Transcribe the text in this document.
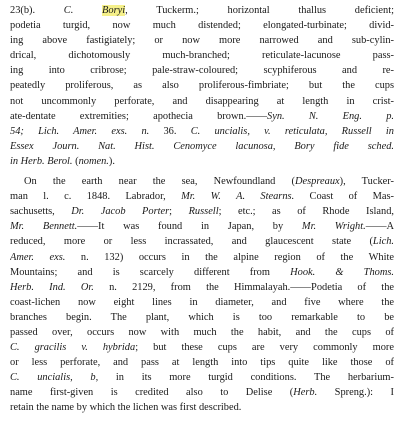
23(b). C. Boryi, Tuckerm.; horizontal thallus deficient;
podetia turgid, now much distended; elongated-turbinate; divid-
ing above fastigiately; or now more narrowed and sub-cylin-
drical, dichotomously much-branched; reticulate-lacunose pass-
ing into cribrose; pale-straw-coloured; scyphiferous and re-
peatedly proliferous, as also proliferous-fimbriate; but the cups
not uncommonly perforate, and disappearing at length in crist-
ate-dentate extremities; apothecia brown.——Syn. N. Eng. p.
54; Lich. Amer. exs. n. 36. C. uncialis, v. reticulata, Russell in
Essex Journ. Nat. Hist. Cenomyce lacunosa, Bory fide sched.
in Herb. Berol. (nomen.).

On the earth near the sea, Newfoundland (Despreaux), Tucker-
man l. c. 1848. Labrador, Mr. W. A. Stearns. Coast of Mas-
sachusetts, Dr. Jacob Porter; Russell; etc.; as of Rhode Island,
Mr. Bennett.——It was found in Japan, by Mr. Wright.——A
reduced, more or less incrassated, and glaucescent state (Lich.
Amer. exs. n. 132) occurs in the alpine region of the White
Mountains; and is scarcely different from Hook. & Thoms.
Herb. Ind. Or. n. 2129, from the Himmalayah.——Podetia of the
coast-lichen now eight lines in diameter, and five where the
branches begin. The plant, which is too remarkable to be
passed over, occurs now with much the habit, and the cups of
C. gracilis v. hybrida; but these cups are very commonly more
or less perforate, and pass at length into tips quite like those of
C. uncialis, b, in its more turgid conditions. The herbarium-
name first-given is credited also to Delise (Herb. Spreng.): I
retain the name by which the lichen was first described.
